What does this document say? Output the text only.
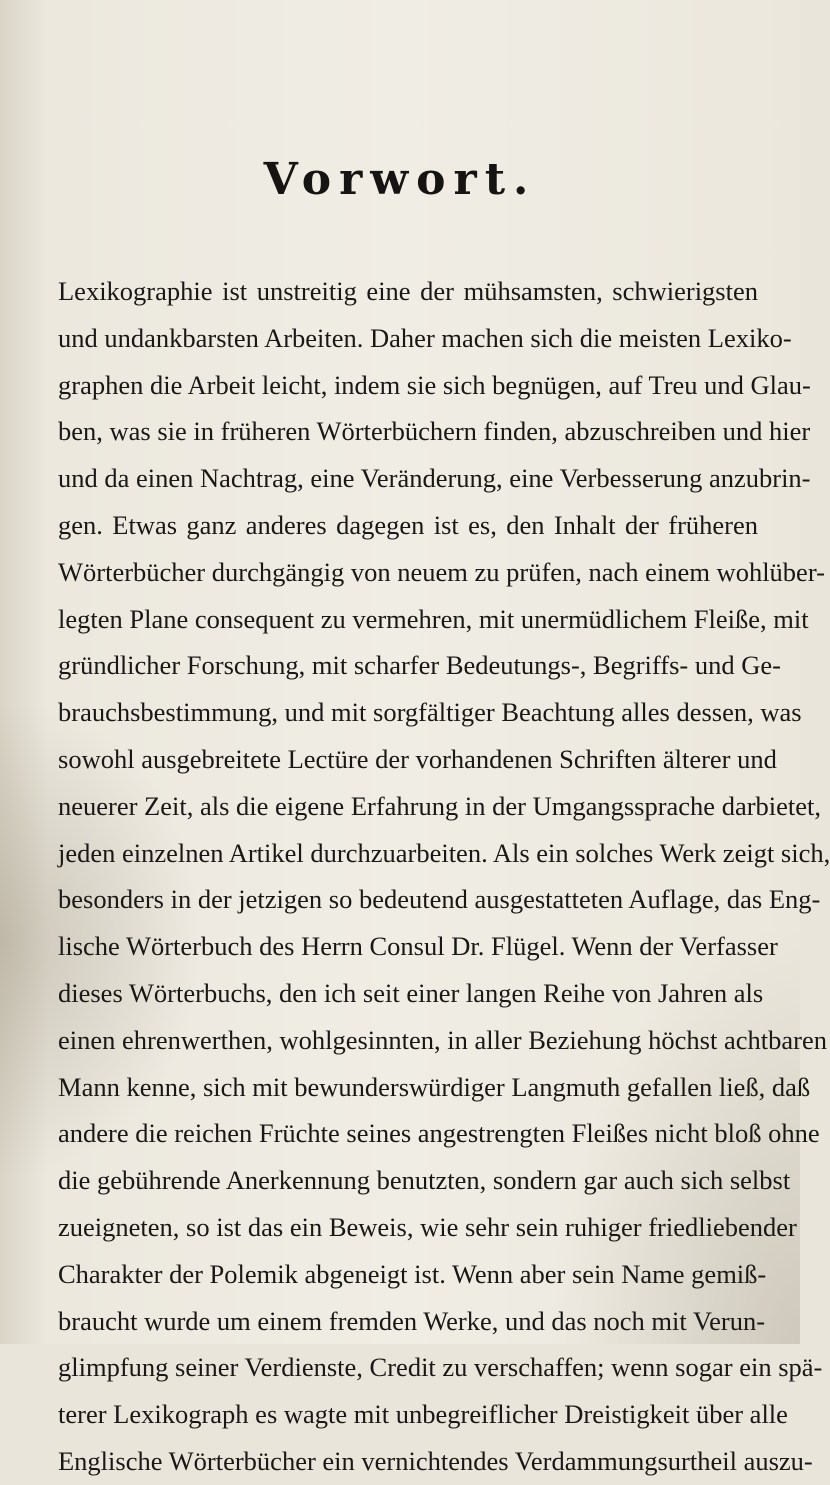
Vorwort.
Lexikographie ist unstreitig eine der mühsamsten, schwierigsten
und undankbarsten Arbeiten. Daher machen sich die meisten Lexiko-
graphen die Arbeit leicht, indem sie sich begnügen, auf Treu und Glau-
ben, was sie in früheren Wörterbüchern finden, abzuschreiben und hier
und da einen Nachtrag, eine Veränderung, eine Verbesserung anzubrin-
gen. Etwas ganz anderes dagegen ist es, den Inhalt der früheren
Wörterbücher durchgängig von neuem zu prüfen, nach einem wohlüber-
legten Plane consequent zu vermehren, mit unermüdlichem Fleiße, mit
gründlicher Forschung, mit scharfer Bedeutungs-, Begriffs- und Ge-
brauchsbestimmung, und mit sorgfältiger Beachtung alles dessen, was
sowohl ausgebreitete Lectüre der vorhandenen Schriften älterer und
neuerer Zeit, als die eigene Erfahrung in der Umgangssprache darbietet,
jeden einzelnen Artikel durchzuarbeiten. Als ein solches Werk zeigt sich,
besonders in der jetzigen so bedeutend ausgestatteten Auflage, das Eng-
lische Wörterbuch des Herrn Consul Dr. Flügel. Wenn der Verfasser
dieses Wörterbuchs, den ich seit einer langen Reihe von Jahren als
einen ehrenwerthen, wohlgesinnten, in aller Beziehung höchst achtbaren
Mann kenne, sich mit bewunderswürdiger Langmuth gefallen ließ, daß
andere die reichen Früchte seines angestrengten Fleißes nicht bloß ohne
die gebührende Anerkennung benutzten, sondern gar auch sich selbst
zueigneten, so ist das ein Beweis, wie sehr sein ruhiger friedliebender
Charakter der Polemik abgeneigt ist. Wenn aber sein Name gemiß-
braucht wurde um einem fremden Werke, und das noch mit Verun-
glimpfung seiner Verdienste, Credit zu verschaffen; wenn sogar ein spä-
terer Lexikograph es wagte mit unbegreiflicher Dreistigkeit über alle
Englische Wörterbücher ein vernichtendes Verdammungsurtheil auszu-
